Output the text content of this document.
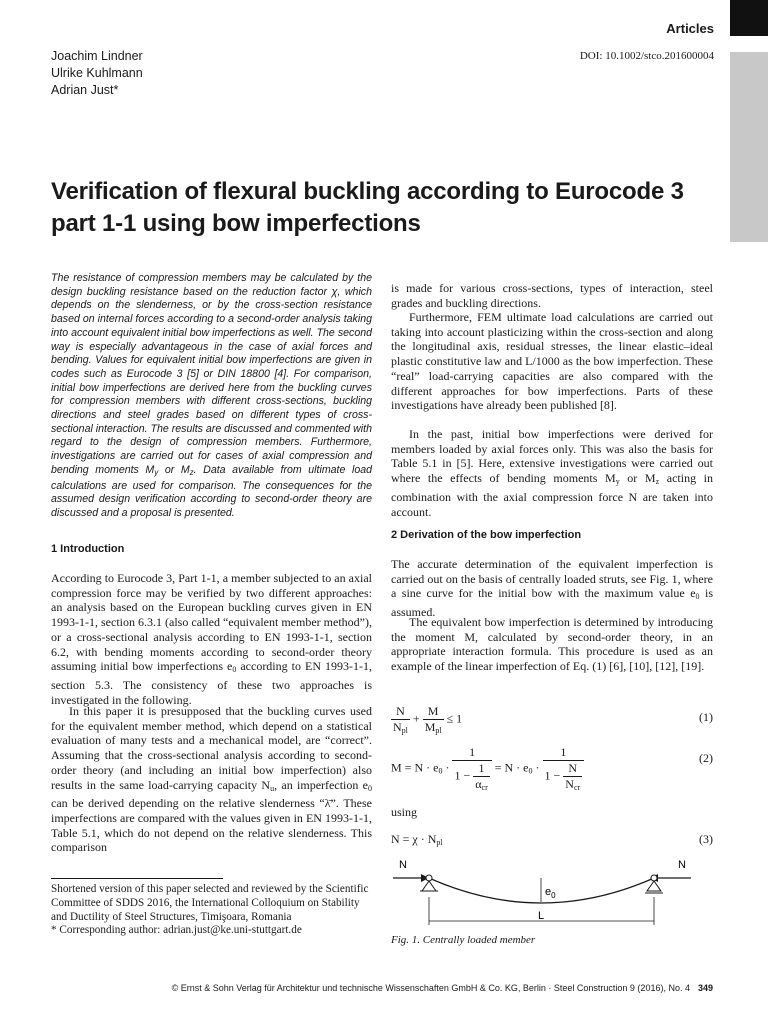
Articles
Joachim Lindner
Ulrike Kuhlmann
Adrian Just*
DOI: 10.1002/stco.201600004
Verification of flexural buckling according to Eurocode 3 part 1-1 using bow imperfections

The resistance of compression members may be calculated by the design buckling resistance based on the reduction factor χ, which depends on the slenderness, or by the cross-section resistance based on internal forces according to a second-order analysis taking into account equivalent initial bow imperfections as well. The second way is especially advantageous in the case of axial forces and bending. Values for equivalent initial bow imperfections are given in codes such as Eurocode 3 [5] or DIN 18800 [4]. For comparison, initial bow imperfections are derived here from the buckling curves for compression members with different cross-sections, buckling directions and steel grades based on different types of cross-sectional interaction. The results are discussed and commented with regard to the design of compression members. Furthermore, investigations are carried out for cases of axial compression and bending moments $M_y$ or $M_z$. Data available from ultimate load calculations are used for comparison. The consequences for the assumed design verification according to second-order theory are discussed and a proposal is presented.

1 Introduction

According to Eurocode 3, Part 1-1, a member subjected to an axial compression force may be verified by two different approaches: an analysis based on the European buckling curves given in EN 1993-1-1, section 6.3.1 (also called “equivalent member method”), or a cross-sectional analysis according to EN 1993-1-1, section 6.2, with bending moments according to second-order theory assuming initial bow imperfections $e_0$ according to EN 1993-1-1, section 5.3. The consistency of these two approaches is investigated in the following.

In this paper it is presupposed that the buckling curves used for the equivalent member method, which depend on a statistical evaluation of many tests and a mechanical model, are “correct”. Assuming that the cross-sectional analysis according to second-order theory (and including an initial bow imperfection) also results in the same load-carrying capacity $N_u$, an imperfection $e_0$ can be derived depending on the relative slenderness “λ̄”. These imperfections are compared with the values given in EN 1993-1-1, Table 5.1, which do not depend on the relative slenderness. This comparison

Shortened version of this paper selected and reviewed by the Scientific Committee of SDDS 2016, the International Colloquium on Stability and Ductility of Steel Structures, Timişoara, Romania
* Corresponding author: adrian.just@ke.uni-stuttgart.de

is made for various cross-sections, types of interaction, steel grades and buckling directions.

Furthermore, FEM ultimate load calculations are carried out taking into account plasticizing within the cross-section and along the longitudinal axis, residual stresses, the linear elastic–ideal plastic constitutive law and L/1000 as the bow imperfection. These “real” load-carrying capacities are also compared with the different approaches for bow imperfections. Parts of these investigations have already been published [8].

In the past, initial bow imperfections were derived for members loaded by axial forces only. This was also the basis for Table 5.1 in [5]. Here, extensive investigations were carried out where the effects of bending moments $M_y$ or $M_z$ acting in combination with the axial compression force N are taken into account.

2 Derivation of the bow imperfection

The accurate determination of the equivalent imperfection is carried out on the basis of centrally loaded struts, see Fig. 1, where a sine curve for the initial bow with the maximum value $e_0$ is assumed.

The equivalent bow imperfection is determined by introducing the moment M, calculated by second-order theory, in an appropriate interaction formula. This procedure is used as an example of the linear imperfection of Eq. (1) [6], [10], [12], [19].

$\frac{N}{N_{pl}} + \frac{M}{M_{pl}} \le 1$	(1)
$M = N \cdot e_0 \cdot \frac{1}{1 - \frac{1}{\alpha_{cr}}} = N \cdot e_0 \cdot \frac{1}{1 - \frac{N}{N_{cr}}}$	(2)
using
$N = \chi \cdot N_{pl}$	(3)
N	N
$e_0$
L
Fig. 1. Centrally loaded member
© Ernst & Sohn Verlag für Architektur und technische Wissenschaften GmbH & Co. KG, Berlin · Steel Construction 9 (2016), No. 4 349
